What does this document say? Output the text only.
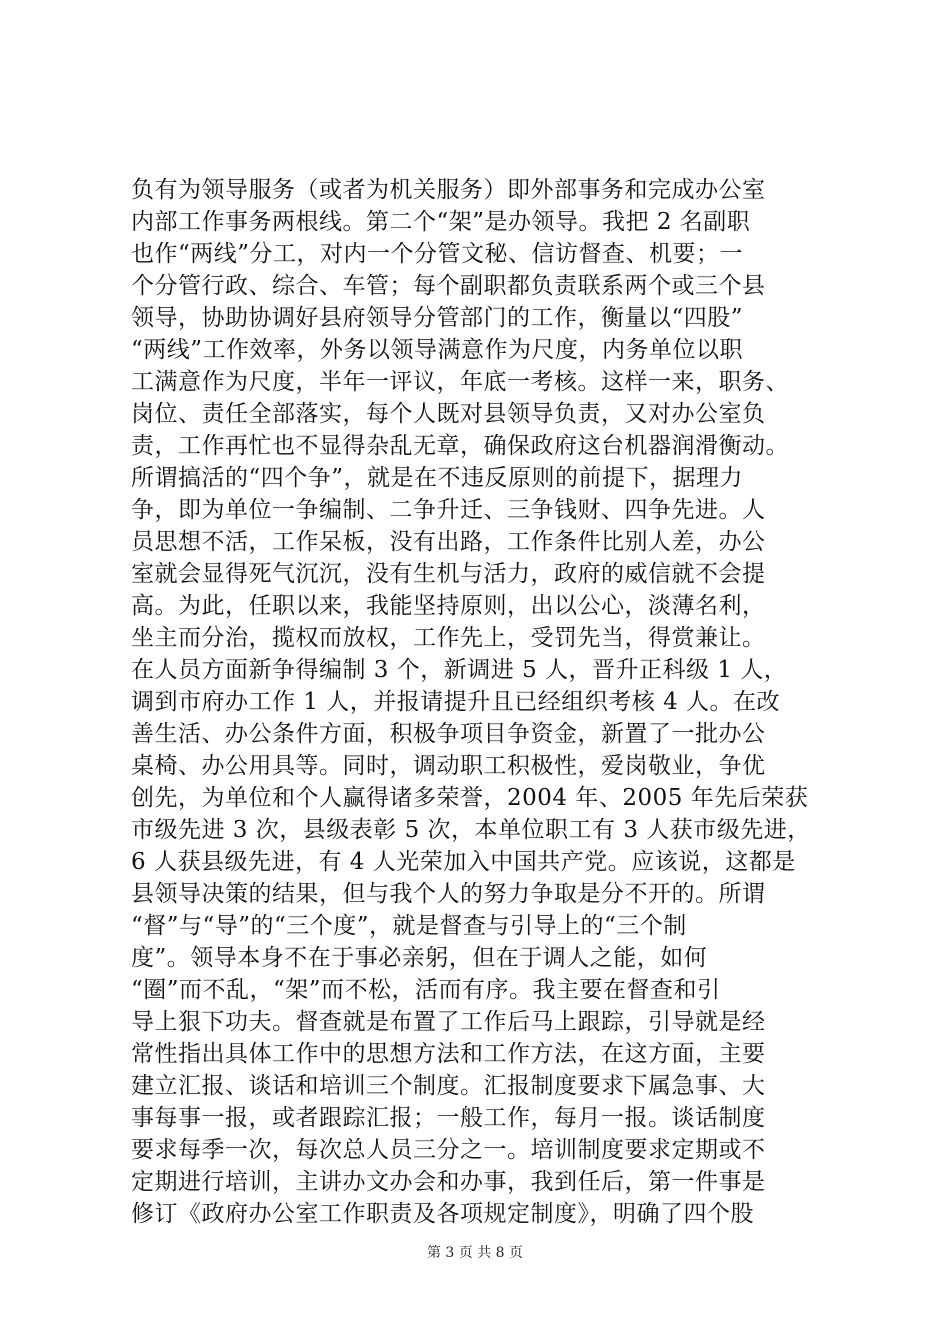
负有为领导服务（或者为机关服务）即外部事务和完成办公室
内部工作事务两根线。第二个“架”是办领导。我把 2 名副职
也作“两线”分工，对内一个分管文秘、信访督查、机要；一
个分管行政、综合、车管；每个副职都负责联系两个或三个县
领导，协助协调好县府领导分管部门的工作，衡量以“四股”
“两线”工作效率，外务以领导满意作为尺度，内务单位以职
工满意作为尺度，半年一评议，年底一考核。这样一来，职务、
岗位、责任全部落实，每个人既对县领导负责，又对办公室负
责，工作再忙也不显得杂乱无章，确保政府这台机器润滑衡动。
所谓搞活的“四个争”，就是在不违反原则的前提下，据理力
争，即为单位一争编制、二争升迁、三争钱财、四争先进。人
员思想不活，工作呆板，没有出路，工作条件比别人差，办公
室就会显得死气沉沉，没有生机与活力，政府的威信就不会提
高。为此，任职以来，我能坚持原则，出以公心，淡薄名利，
坐主而分治，揽权而放权，工作先上，受罚先当，得赏兼让。
在人员方面新争得编制 3 个，新调进 5 人，晋升正科级 1 人，
调到市府办工作 1 人，并报请提升且已经组织考核 4 人。在改
善生活、办公条件方面，积极争项目争资金，新置了一批办公
桌椅、办公用具等。同时，调动职工积极性，爱岗敬业，争优
创先，为单位和个人赢得诸多荣誉，2004 年、2005 年先后荣获
市级先进 3 次，县级表彰 5 次，本单位职工有 3 人获市级先进，
6 人获县级先进，有 4 人光荣加入中国共产党。应该说，这都是
县领导决策的结果，但与我个人的努力争取是分不开的。所谓
“督”与“导”的“三个度”，就是督查与引导上的“三个制
度”。领导本身不在于事必亲躬，但在于调人之能，如何
“圈”而不乱，“架”而不松，活而有序。我主要在督查和引
导上狠下功夫。督查就是布置了工作后马上跟踪，引导就是经
常性指出具体工作中的思想方法和工作方法，在这方面，主要
建立汇报、谈话和培训三个制度。汇报制度要求下属急事、大
事每事一报，或者跟踪汇报；一般工作，每月一报。谈话制度
要求每季一次，每次总人员三分之一。培训制度要求定期或不
定期进行培训，主讲办文办会和办事，我到任后，第一件事是
修订《政府办公室工作职责及各项规定制度》，明确了四个股
第 3 页 共 8 页
